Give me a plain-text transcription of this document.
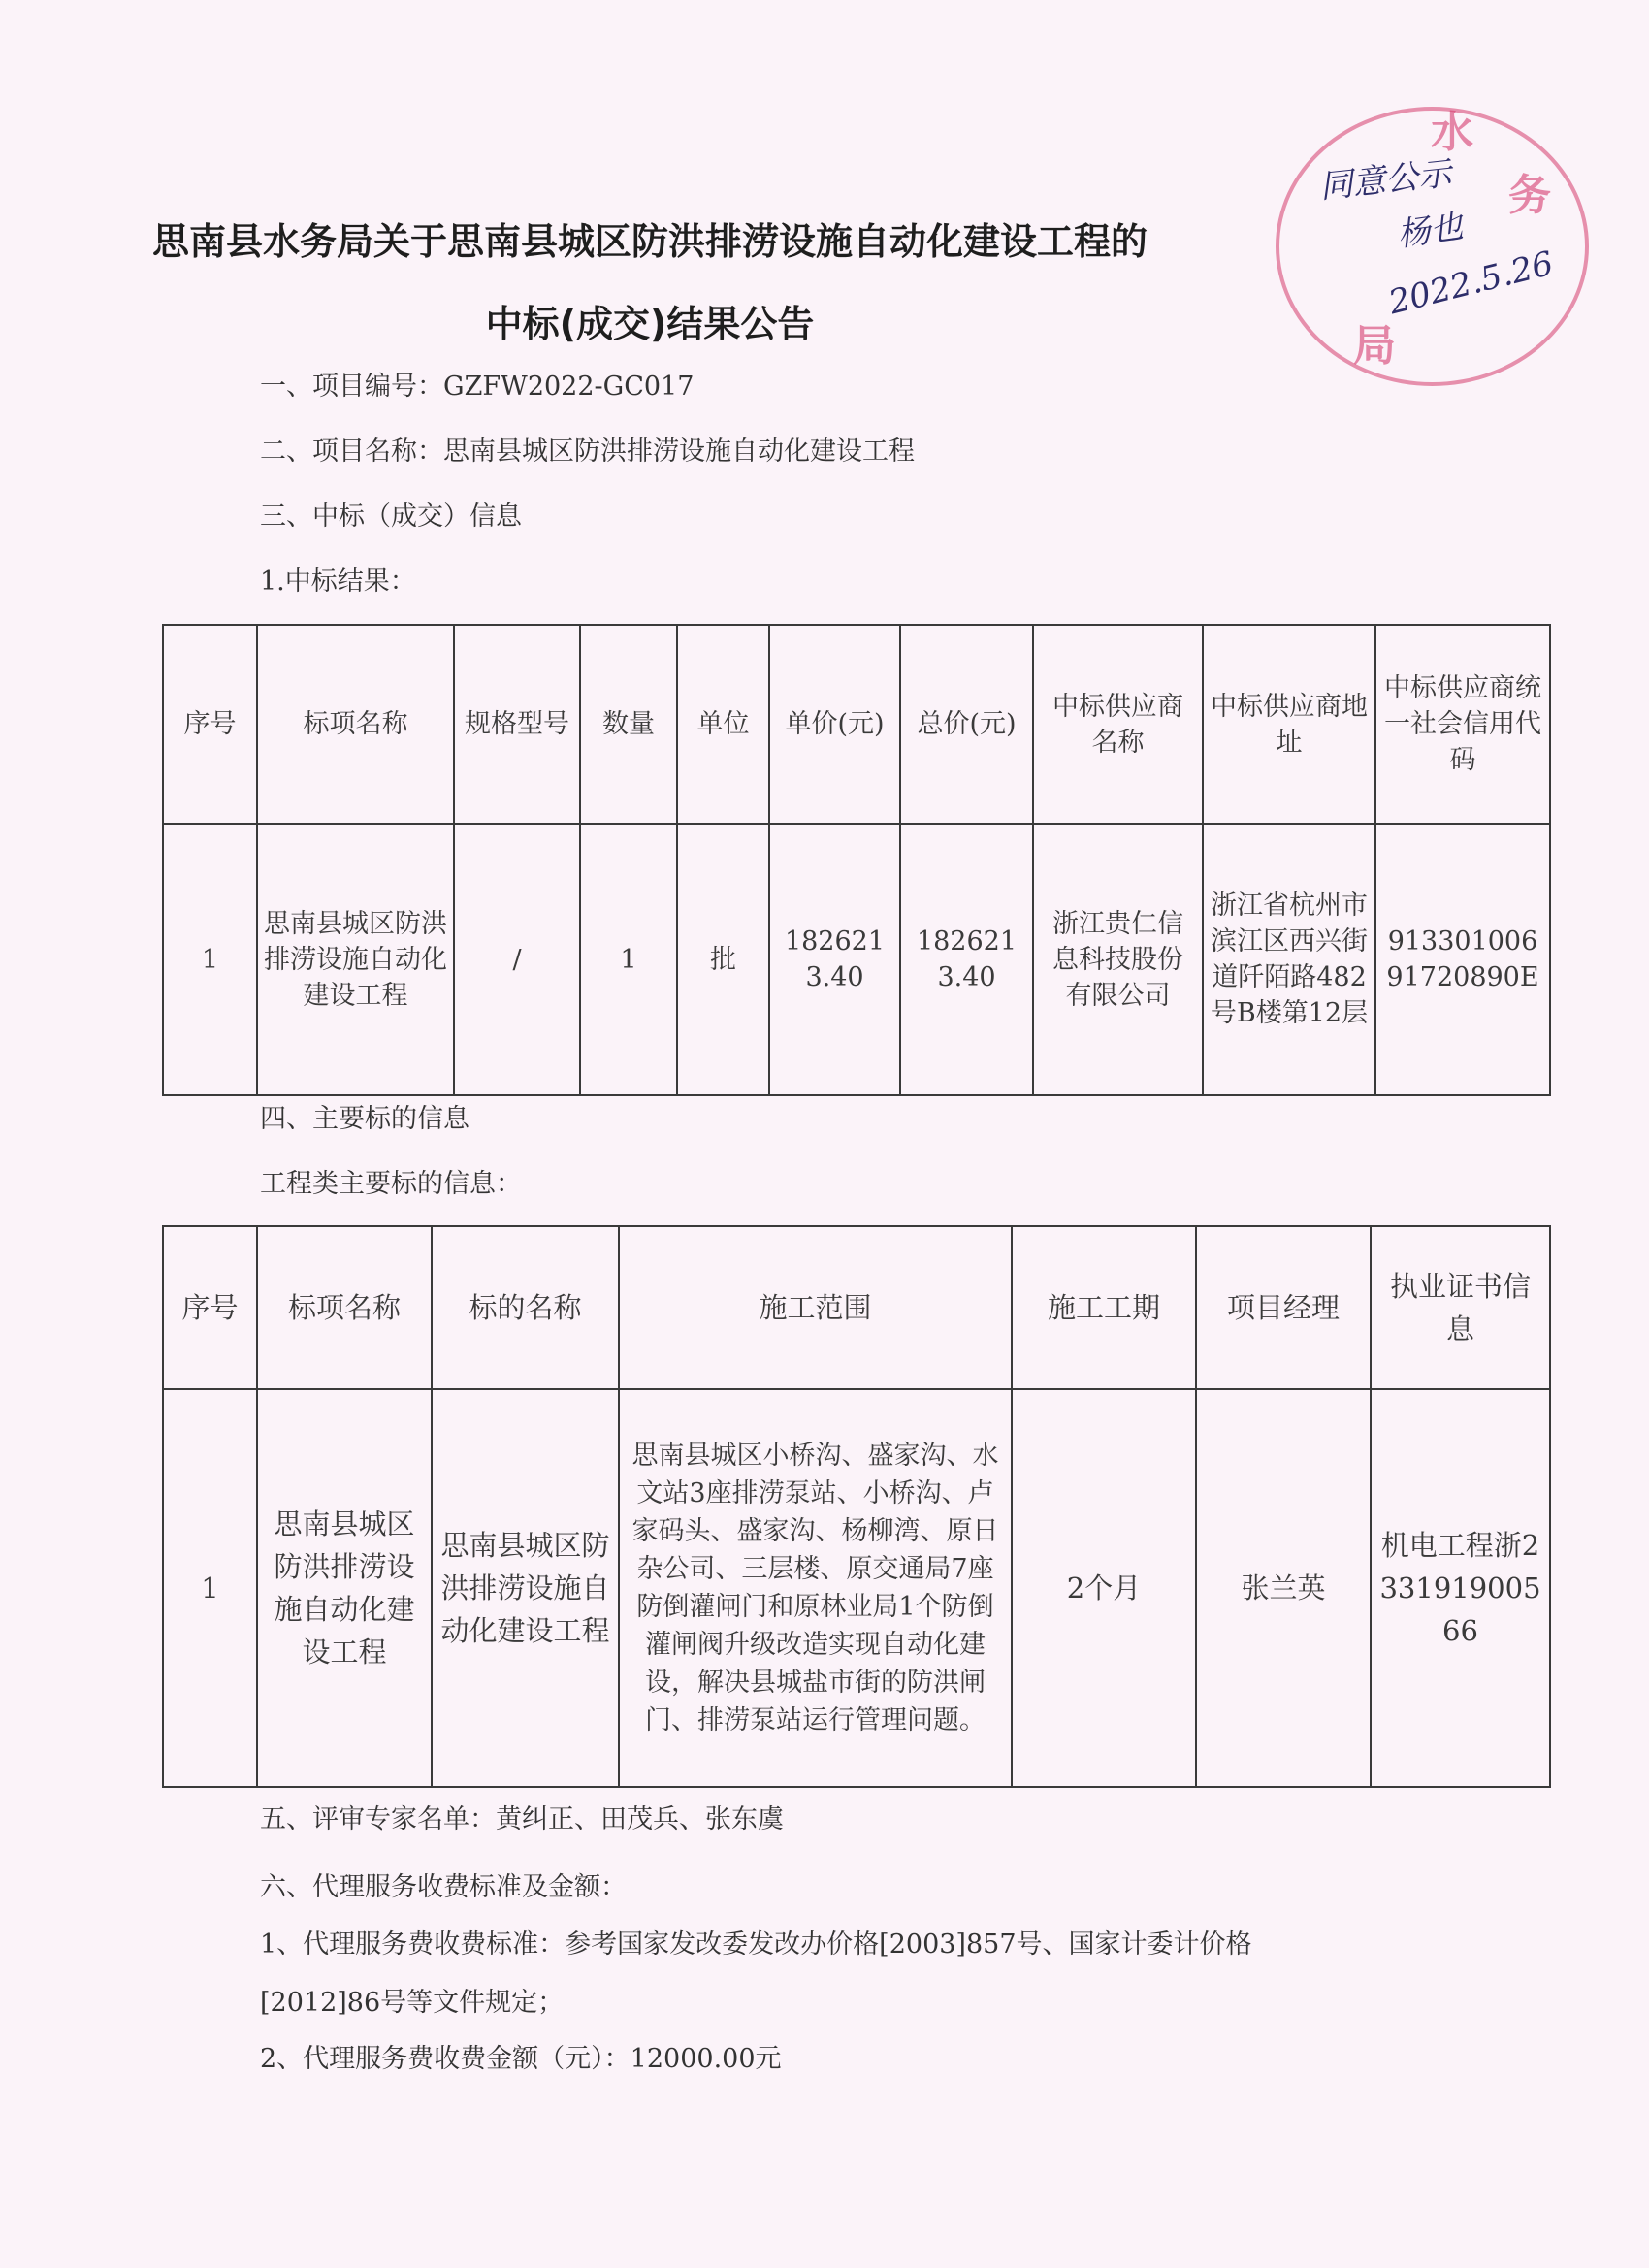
思南县水务局关于思南县城区防洪排涝设施自动化建设工程的
中标(成交)结果公告
一、项目编号：GZFW2022-GC017
二、项目名称：思南县城区防洪排涝设施自动化建设工程
三、中标（成交）信息
1.中标结果：
序号	标项名称	规格型号	数量	单位	单价(元)	总价(元)	中标供应商名称	中标供应商地址	中标供应商统一社会信用代码
1	思南县城区防洪排涝设施自动化建设工程	/	1	批	1826213.40	1826213.40	浙江贵仁信息科技股份有限公司	浙江省杭州市滨江区西兴街道阡陌路482号B楼第12层	91330100691720890E
四、主要标的信息
工程类主要标的信息：
序号	标项名称	标的名称	施工范围	施工工期	项目经理	执业证书信息
1	思南县城区防洪排涝设施自动化建设工程	思南县城区防洪排涝设施自动化建设工程	思南县城区小桥沟、盛家沟、水文站3座排涝泵站、小桥沟、卢家码头、盛家沟、杨柳湾、原日杂公司、三层楼、原交通局7座防倒灌闸门和原林业局1个防倒灌闸阀升级改造实现自动化建设，解决县城盐市街的防洪闸门、排涝泵站运行管理问题。	2个月	张兰英	机电工程浙233191900566
五、评审专家名单：黄纠正、田茂兵、张东虞
六、代理服务收费标准及金额：
1、代理服务费收费标准：参考国家发改委发改办价格[2003]857号、国家计委计价格
[2012]86号等文件规定；
2、代理服务费收费金额（元）：12000.00元
水
务
局
同意公示
杨也
2022.5.26
